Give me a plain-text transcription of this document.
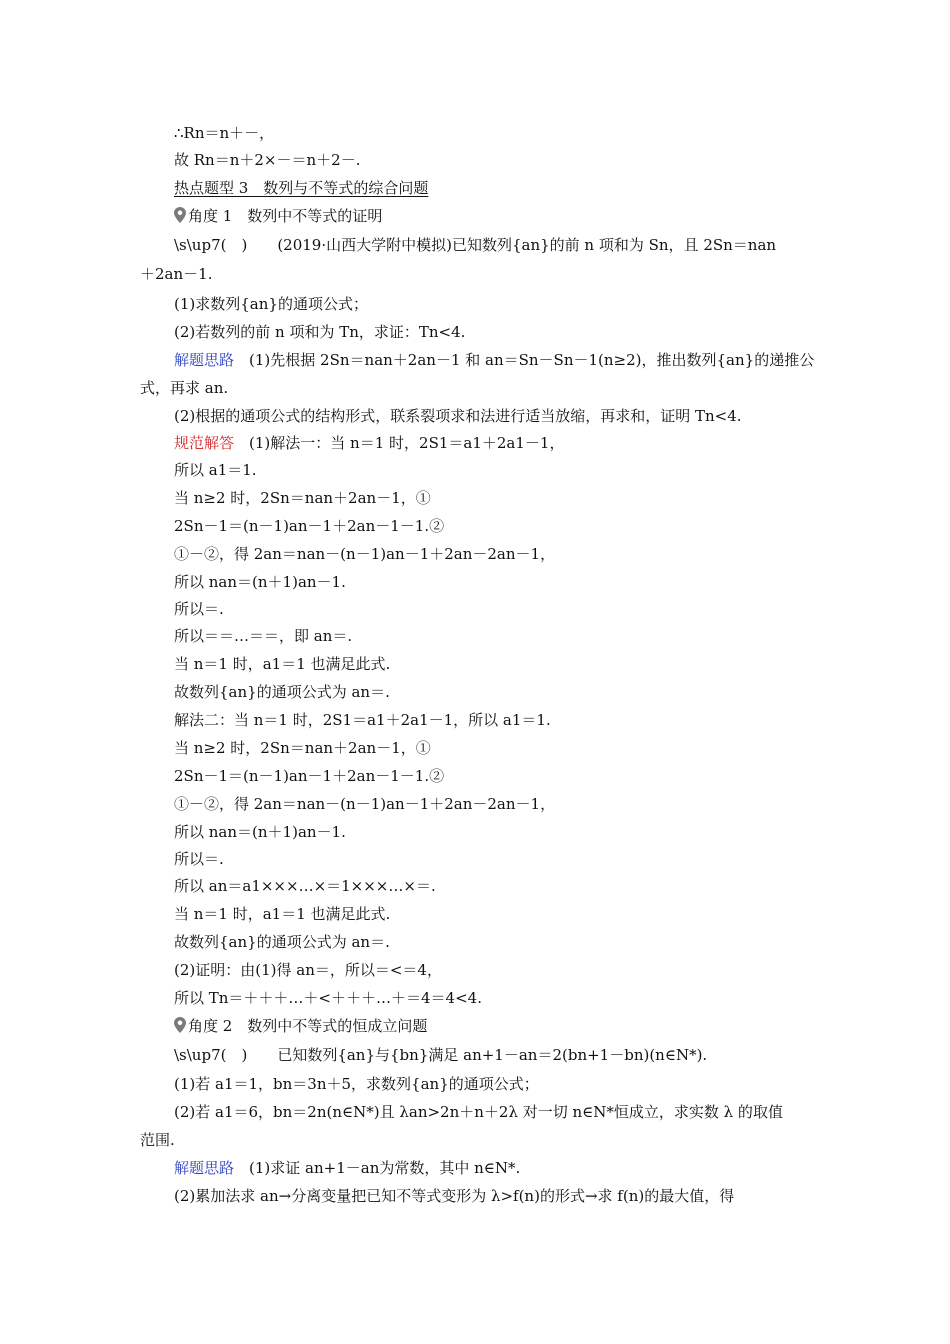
∴Rn＝n＋－，
故 Rn＝n＋2×－＝n＋2－.
热点题型 3　数列与不等式的综合问题
角度 1　数列中不等式的证明
\s\up7(　)　　(2019·山西大学附中模拟)已知数列{an}的前 n 项和为 Sn，且 2Sn＝nan
＋2an－1.
(1)求数列{an}的通项公式；
(2)若数列的前 n 项和为 Tn，求证：Tn<4.
解题思路　 (1)先根据 2Sn＝nan＋2an－1 和 an＝Sn－Sn－1(n≥2)，推出数列{an}的递推公
式，再求 an.
(2)根据的通项公式的结构形式，联系裂项求和法进行适当放缩，再求和，证明 Tn<4.
规范解答　 (1)解法一：当 n＝1 时，2S1＝a1＋2a1－1，
所以 a1＝1.
当 n≥2 时，2Sn＝nan＋2an－1，①
2Sn－1＝(n－1)an－1＋2an－1－1.②
①－②，得 2an＝nan－(n－1)an－1＋2an－2an－1，
所以 nan＝(n＋1)an－1.
所以＝.
所以＝＝…＝＝，即 an＝.
当 n＝1 时，a1＝1 也满足此式.
故数列{an}的通项公式为 an＝.
解法二：当 n＝1 时，2S1＝a1＋2a1－1，所以 a1＝1.
当 n≥2 时，2Sn＝nan＋2an－1，①
2Sn－1＝(n－1)an－1＋2an－1－1.②
①－②，得 2an＝nan－(n－1)an－1＋2an－2an－1，
所以 nan＝(n＋1)an－1.
所以＝.
所以 an＝a1×××…×＝1×××…×＝.
当 n＝1 时，a1＝1 也满足此式.
故数列{an}的通项公式为 an＝.
(2)证明：由(1)得 an＝，所以＝<＝4，
所以 Tn＝＋＋＋…＋<＋＋＋…＋＝4＝4<4.
角度 2　数列中不等式的恒成立问题
\s\up7(　)　　已知数列{an}与{bn}满足 an+1－an＝2(bn+1－bn)(n∈N*).
(1)若 a1＝1，bn＝3n＋5，求数列{an}的通项公式；
(2)若 a1＝6，bn＝2n(n∈N*)且 λan>2n＋n＋2λ 对一切 n∈N*恒成立，求实数 λ 的取值
范围.
解题思路　 (1)求证 an+1－an为常数，其中 n∈N*.
(2)累加法求 an→分离变量把已知不等式变形为 λ>f(n)的形式→求 f(n)的最大值，得
